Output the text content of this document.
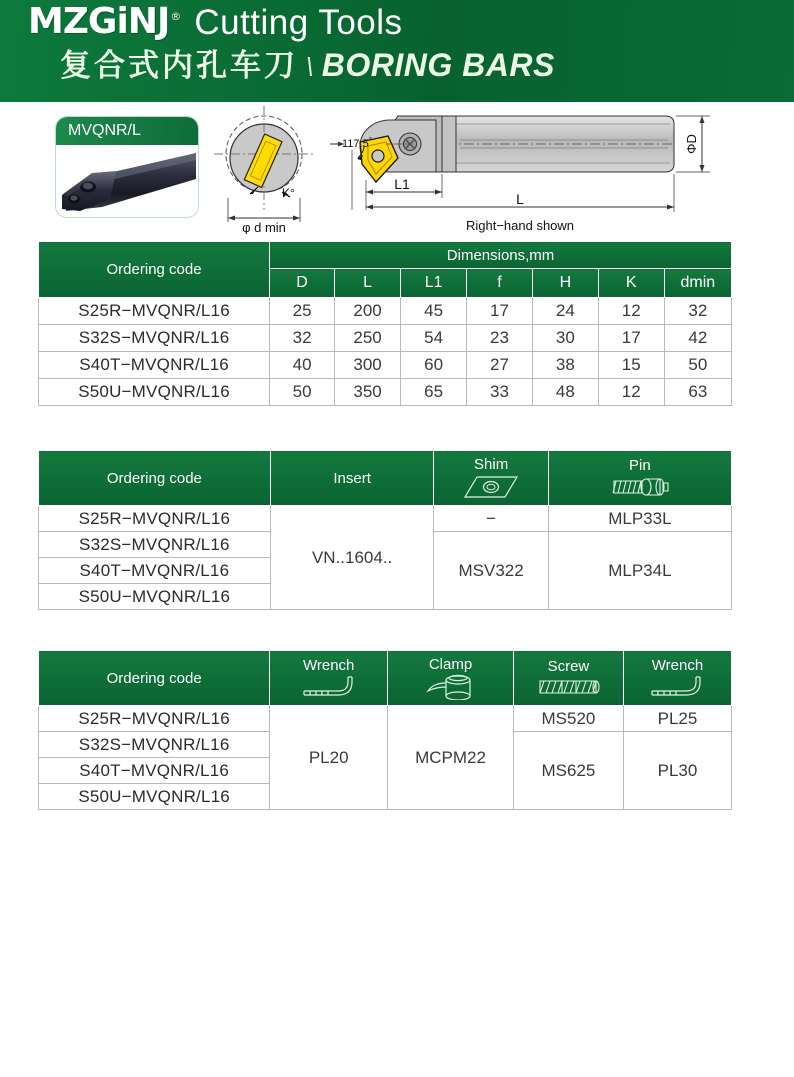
MZGiNJ® Cutting Tools
复合式内孔车刀 \ BORING BARS
MVQNR/L
K°
φ d min
117.5°
L1
L
ΦD
Right−hand shown
Ordering code	Dimensions,mm						
	D	L	L1	f	H	K	dmin
S25R−MVQNR/L16	25	200	45	17	24	12	32
S32S−MVQNR/L16	32	250	54	23	30	17	42
S40T−MVQNR/L16	40	300	60	27	38	15	50
S50U−MVQNR/L16	50	350	65	33	48	12	63
Ordering code	Insert	Shim	Pin

S25R−MVQNR/L16	VN..1604..	−	MLP33L
S32S−MVQNR/L16		MSV322	MLP34L
S40T−MVQNR/L16			
S50U−MVQNR/L16			
Ordering code	Wrench	Clamp	Screw	Wrench

S25R−MVQNR/L16	PL20	MCPM22	MS520	PL25
S32S−MVQNR/L16			MS625	PL30
S40T−MVQNR/L16				
S50U−MVQNR/L16				
